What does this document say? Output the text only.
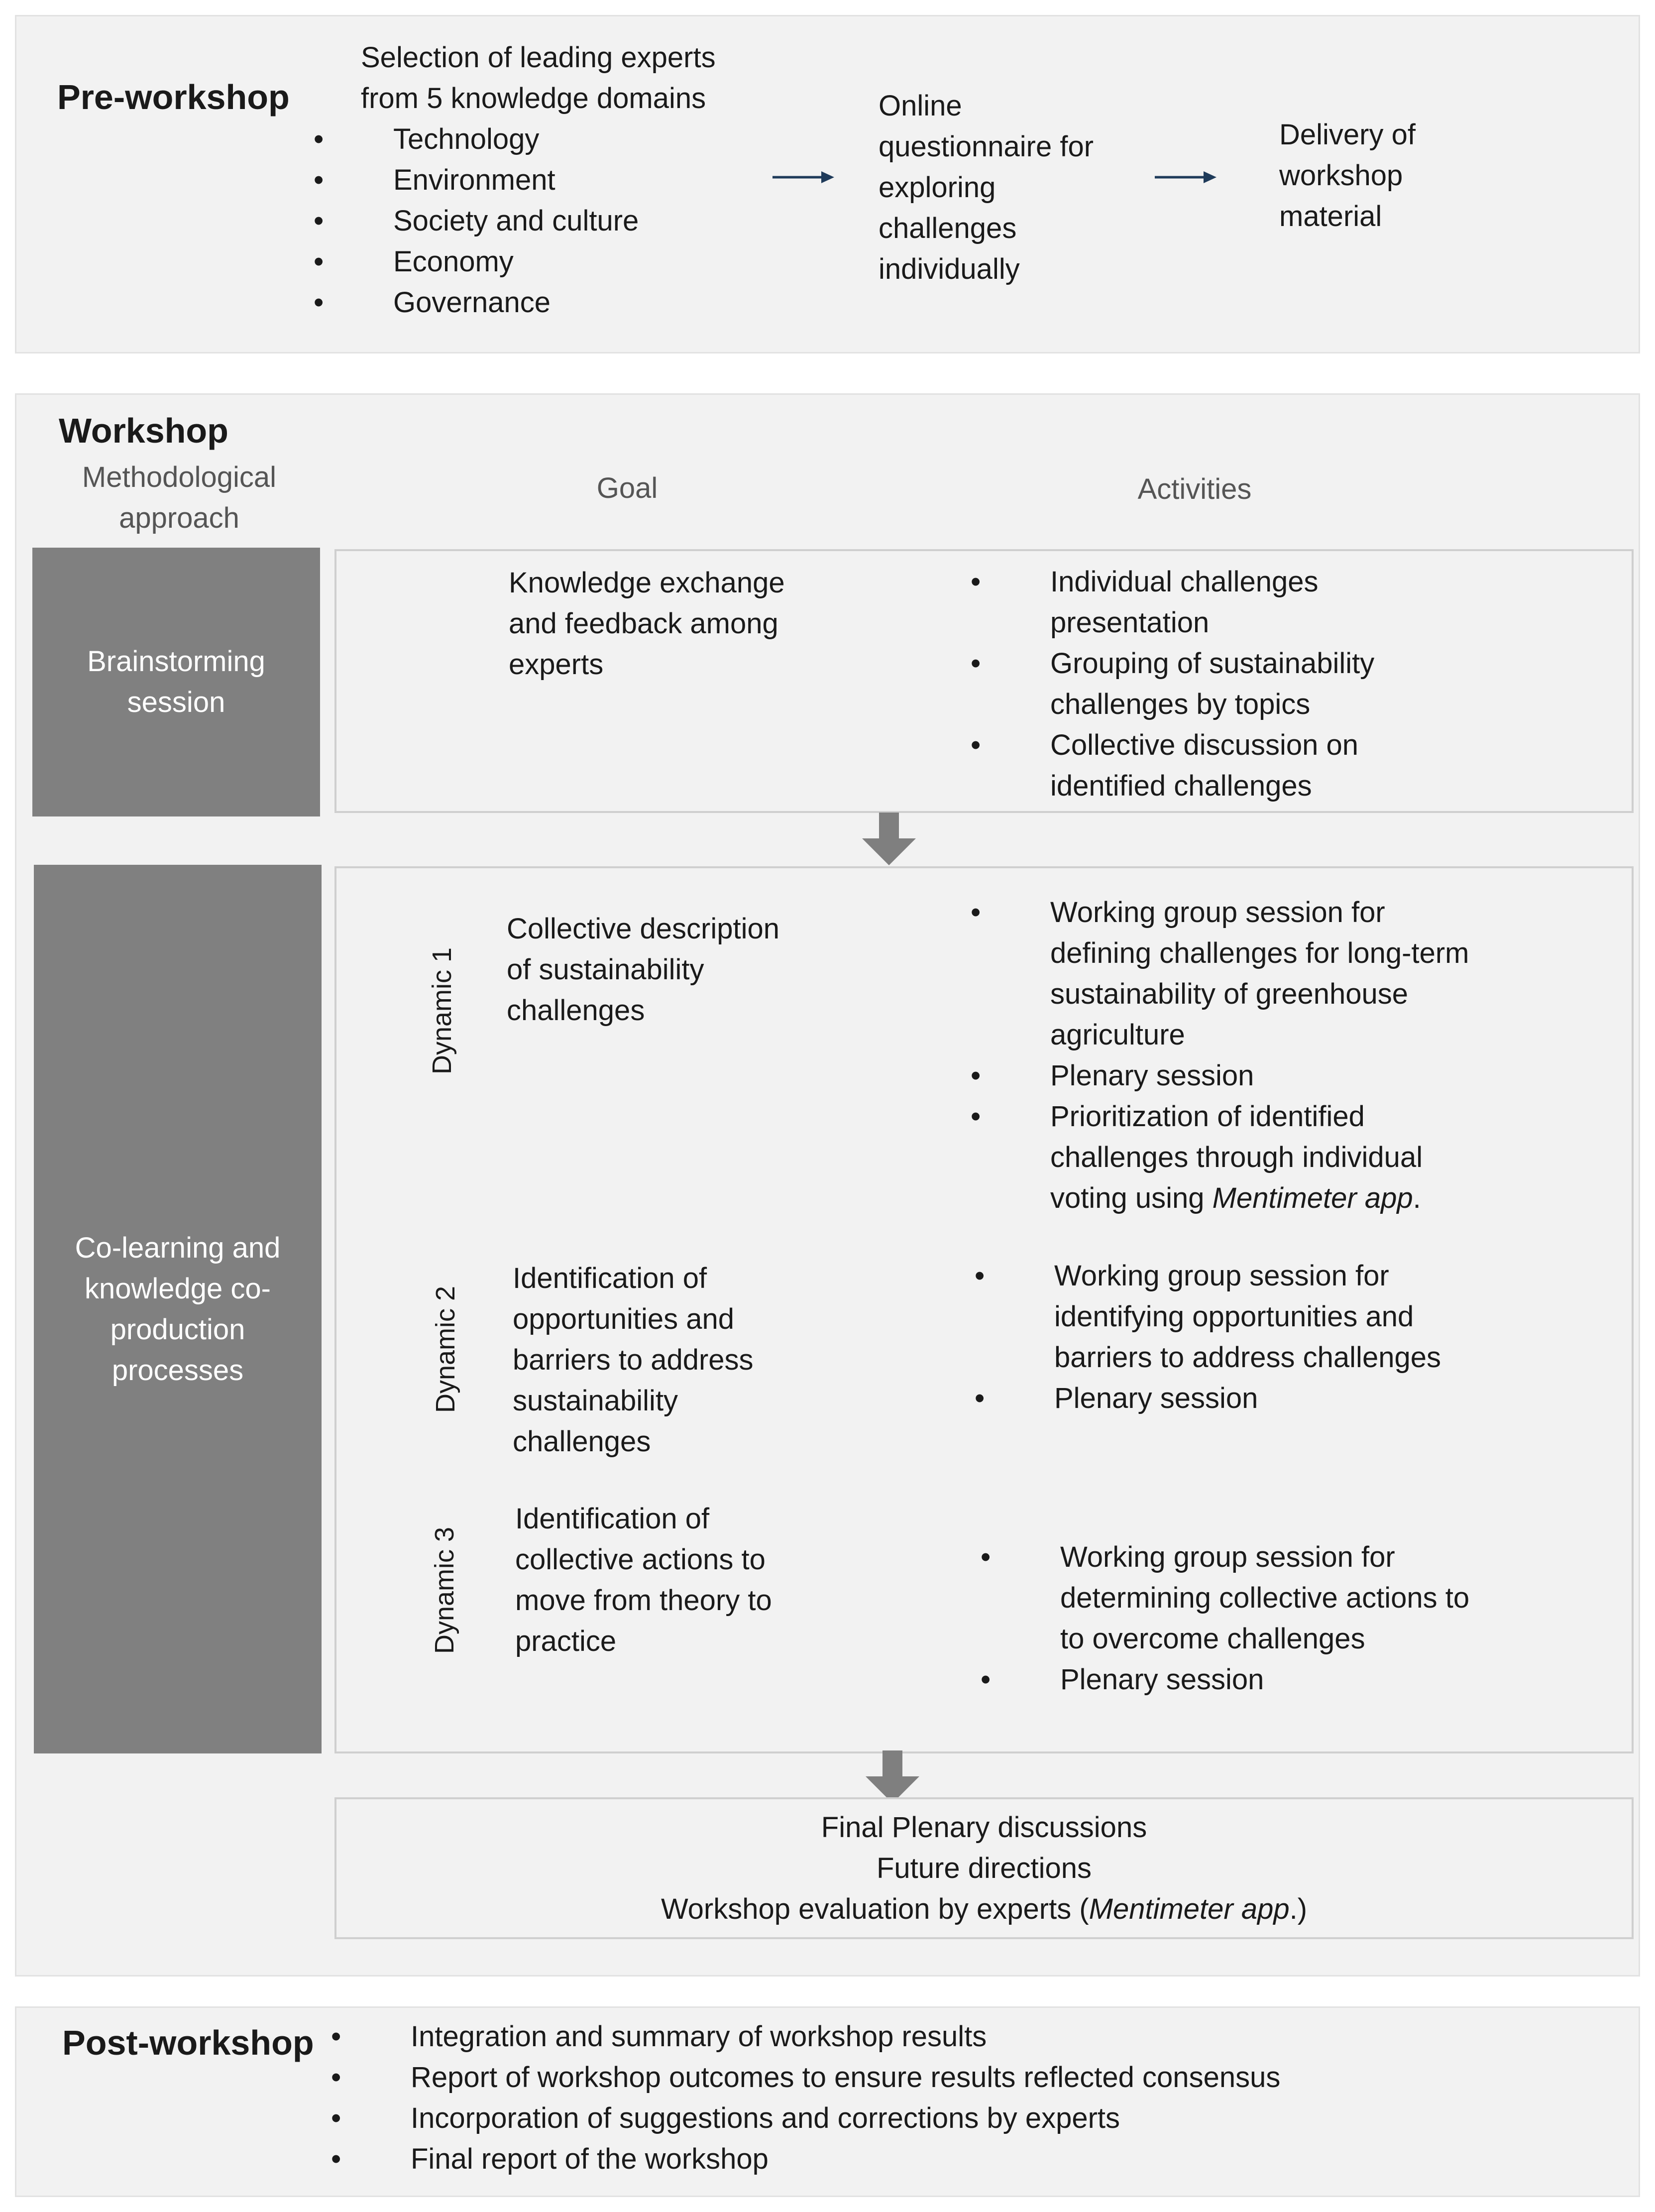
Pre-workshop
Selection of leading experts
from 5 knowledge domains
• Technology
• Environment
• Society and culture
• Economy
• Governance
Online
questionnaire for
exploring
challenges
individually
Delivery of
workshop
material
Workshop
Methodological
approach
Goal	Activities
Brainstorming
session
Knowledge exchange
and feedback among
experts
• Individual challenges
presentation
• Grouping of sustainability
challenges by topics
• Collective discussion on
identified challenges
Co-learning and
knowledge co-
production
processes
Dynamic 1
Collective description
of sustainability
challenges
• Working group session for
defining challenges for long-term
sustainability of greenhouse
agriculture
• Plenary session
• Prioritization of identified
challenges through individual
voting using Mentimeter app.
Dynamic 2
Identification of
opportunities and
barriers to address
sustainability
challenges
• Working group session for
identifying opportunities and
barriers to address challenges
• Plenary session
Dynamic 3
Identification of
collective actions to
move from theory to
practice
• Working group session for
determining collective actions to
to overcome challenges
• Plenary session
Final Plenary discussions
Future directions
Workshop evaluation by experts (Mentimeter app.)
Post-workshop • Integration and summary of workshop results
• Report of workshop outcomes to ensure results reflected consensus
• Incorporation of suggestions and corrections by experts
• Final report of the workshop
